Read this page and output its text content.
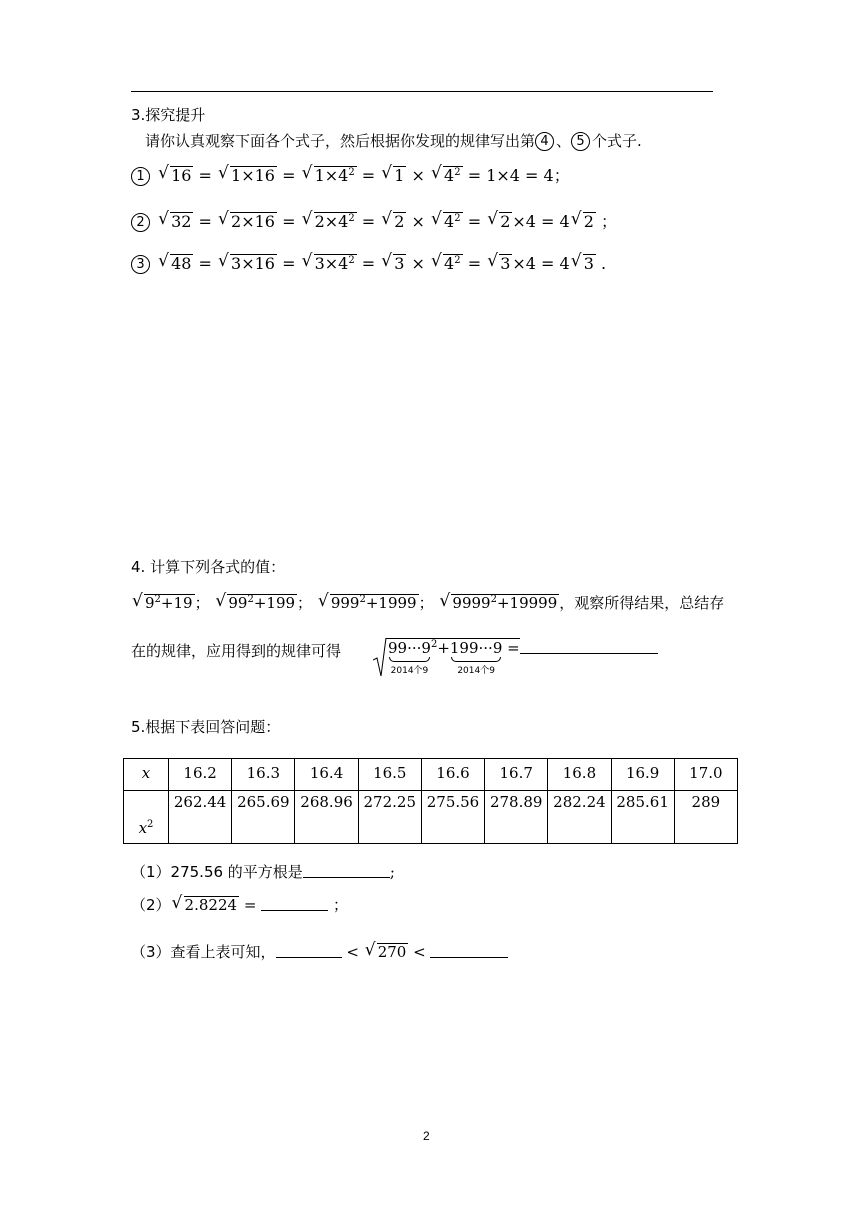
3.探究提升
请你认真观察下面各个式子，然后根据你发现的规律写出第 4 、 5 个式子.
1 √ 16 = √ 1×16 = √ $1\times 4^2$ = √ 1 × √ $4^2 = 1\times 4 = 4$；
2 √ 32 = √ 2×16 = √ $2\times 4^2$ = √ 2 × √ $4^2$ = √ 2 ×4 = 4 √ 2 ；
3 √ 48 = √ 3×16 = √ $3\times 4^2$ = √ 3 × √ $4^2$ = √ 3 ×4 = 4 √ 3 .
4. 计算下列各式的值：
√ $9^2+19$ ； √ $99^2+199$ ； √ $999^2+1999$ ； √ $9999^2+19999$ ，观察所得结果，总结存
在的规律，应用得到的规律可得	99···9
2014个9
$^2$+199···9
2014个9
=
5.根据下表回答问题：
x	16.2	16.3	16.4	16.5	16.6	16.7	16.8	16.9	17.0
$x^2$	262.44	265.69	268.96	272.25	275.56	278.89	282.24	285.61	289
（1）275.56 的平方根是	;
（2） √ 2.8224 =	；
（3）查看上表可知，	< √ 270 <
2
